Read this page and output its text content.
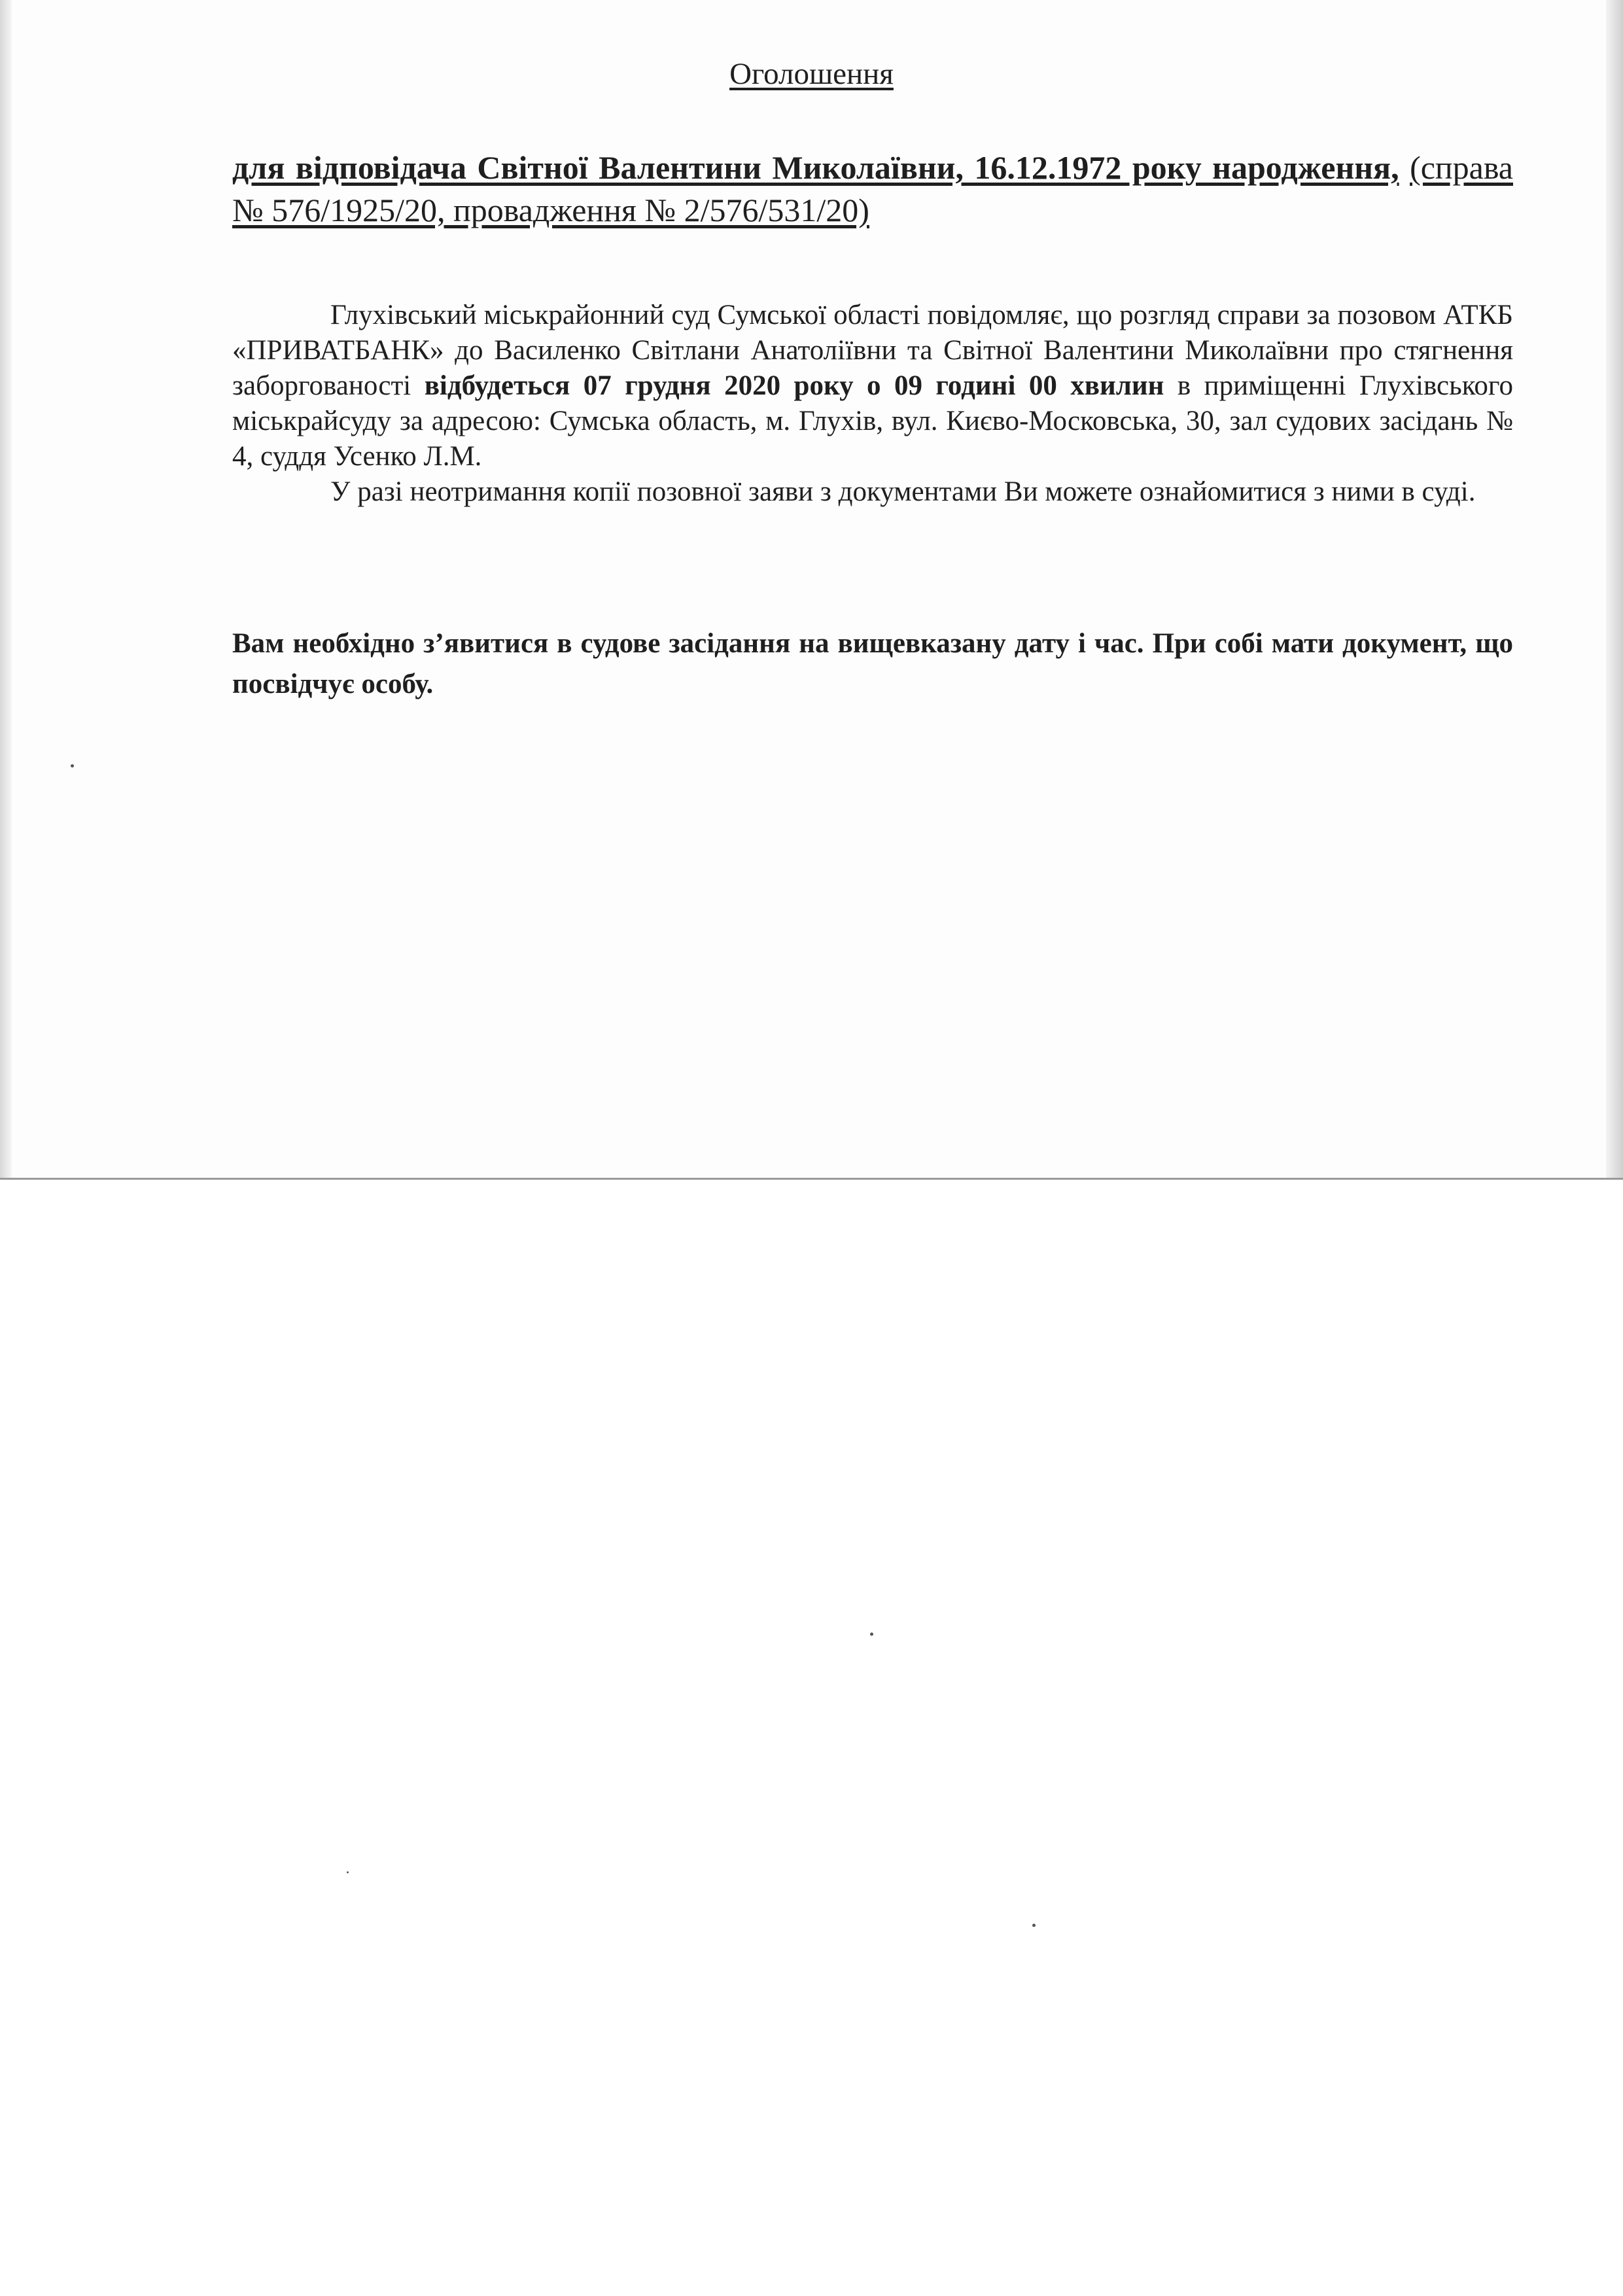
Оголошення
для відповідача Світної Валентини Миколаївни, 16.12.1972 року народження, (справа № 576/1925/20, провадження № 2/576/531/20)

Глухівський міськрайонний суд Сумської області повідомляє, що розгляд справи за позовом АТКБ «ПРИВАТБАНК» до Василенко Світлани Анатоліївни та Світної Валентини Миколаївни про стягнення заборгованості відбудеться 07 грудня 2020 року о 09 годині 00 хвилин в приміщенні Глухівського міськрайсуду за адресою: Сумська область, м. Глухів, вул. Києво-Московська, 30, зал судових засідань № 4, суддя Усенко Л.М.

У разі неотримання копії позовної заяви з документами Ви можете ознайомитися з ними в суді.

Вам необхідно з’явитися в судове засідання на вищевказану дату і час. При собі мати документ, що посвідчує особу.
